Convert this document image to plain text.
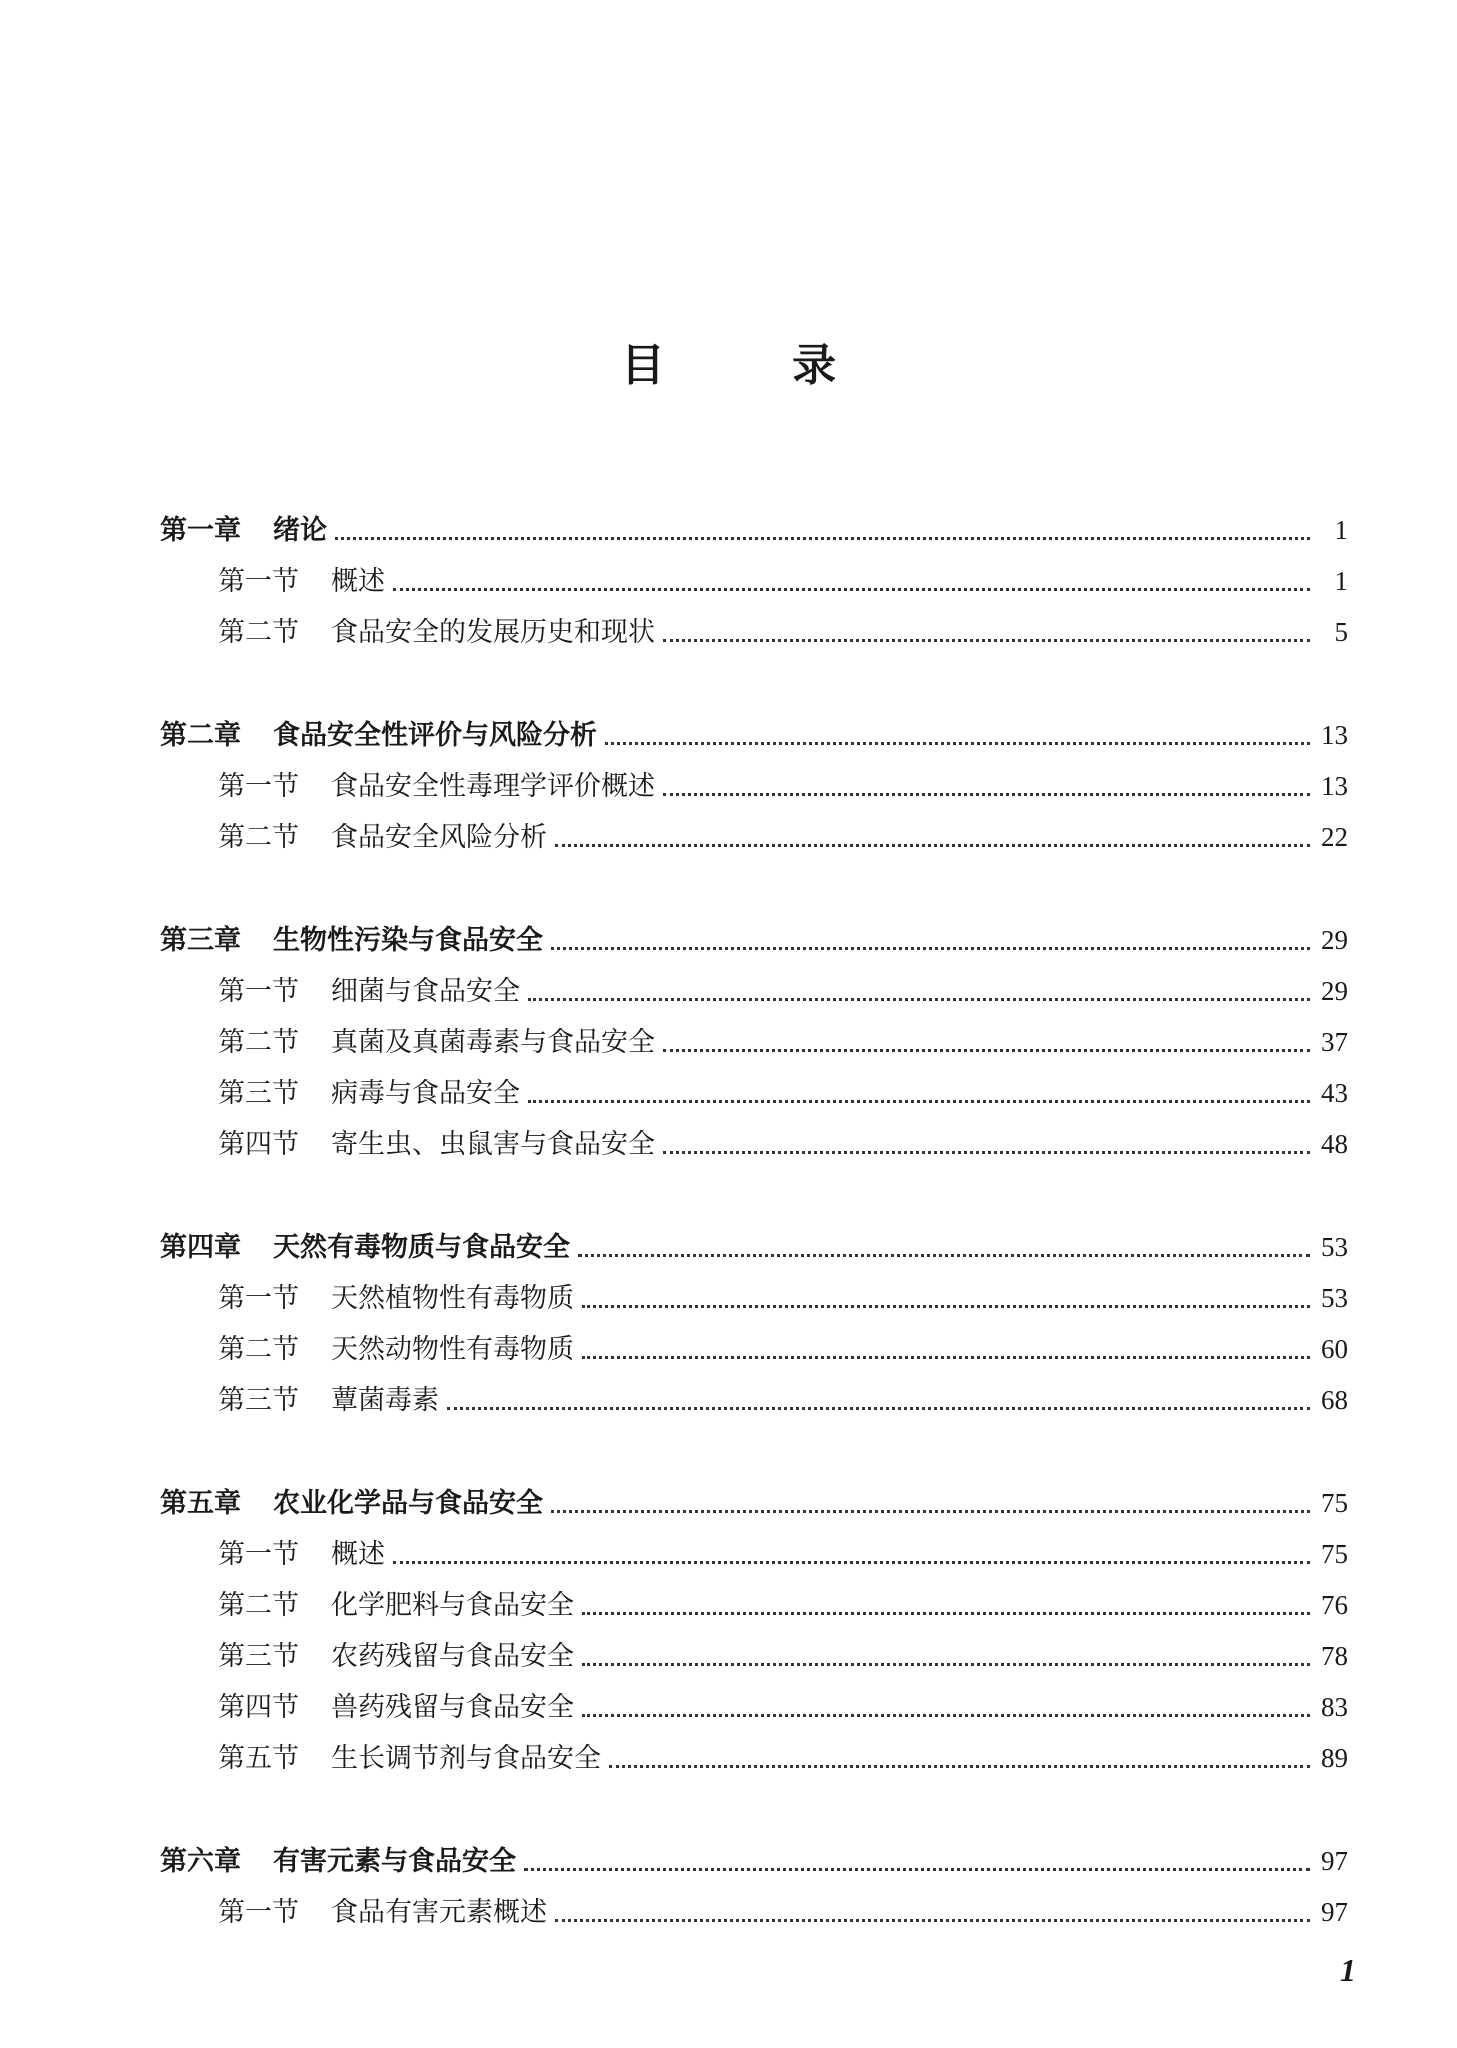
目 录
第一章 绪论	1
第一节 概述	1
第二节 食品安全的发展历史和现状	5
第二章 食品安全性评价与风险分析	13
第一节 食品安全性毒理学评价概述	13
第二节 食品安全风险分析	22
第三章 生物性污染与食品安全	29
第一节 细菌与食品安全	29
第二节 真菌及真菌毒素与食品安全	37
第三节 病毒与食品安全	43
第四节 寄生虫、虫鼠害与食品安全	48
第四章 天然有毒物质与食品安全	53
第一节 天然植物性有毒物质	53
第二节 天然动物性有毒物质	60
第三节 蕈菌毒素	68
第五章 农业化学品与食品安全	75
第一节 概述	75
第二节 化学肥料与食品安全	76
第三节 农药残留与食品安全	78
第四节 兽药残留与食品安全	83
第五节 生长调节剂与食品安全	89
第六章 有害元素与食品安全	97
第一节 食品有害元素概述	97
1
